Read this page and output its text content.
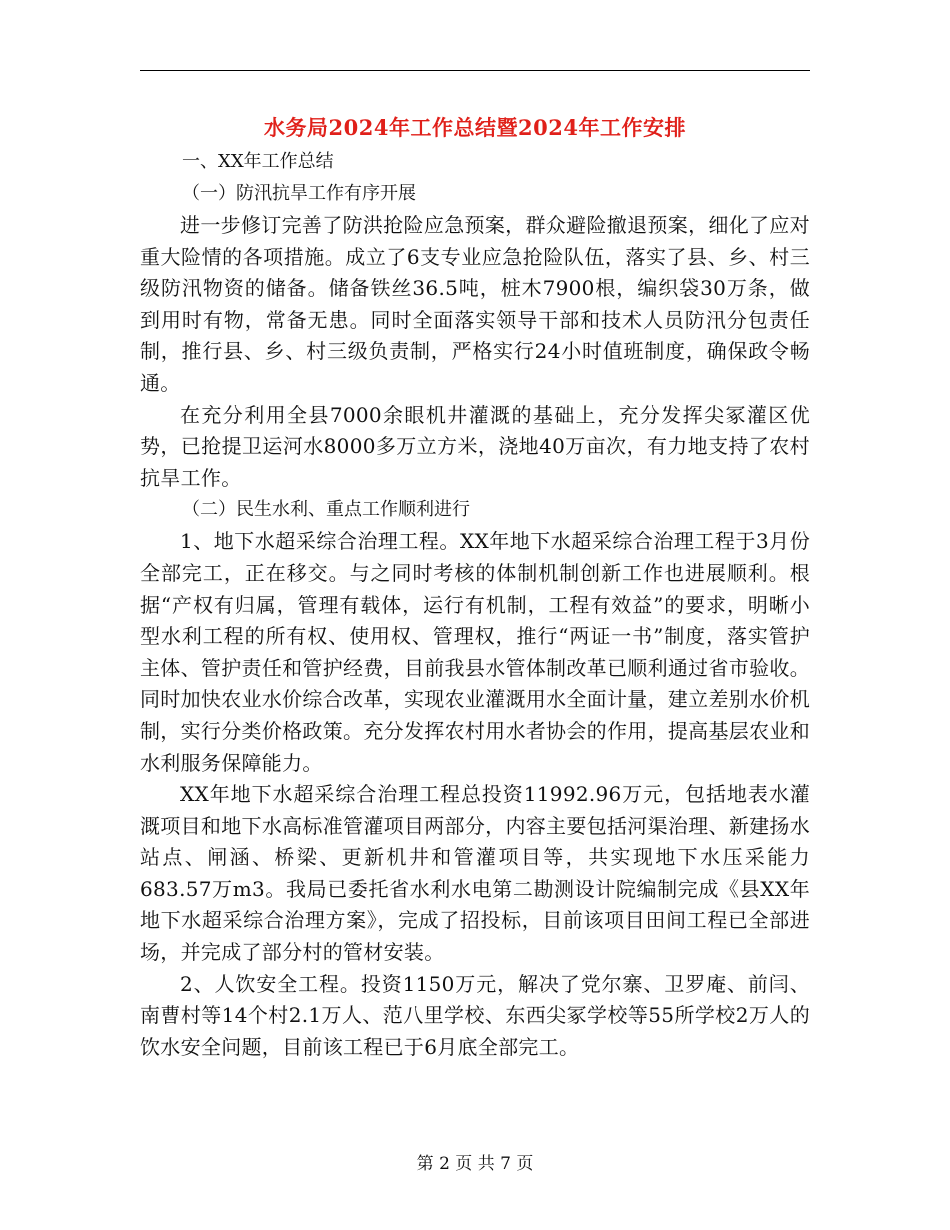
水务局2024年工作总结暨2024年工作安排

一、XX年工作总结

（一）防汛抗旱工作有序开展

进一步修订完善了防洪抢险应急预案，群众避险撤退预案，细化了应对重大险情的各项措施。成立了6支专业应急抢险队伍，落实了县、乡、村三级防汛物资的储备。储备铁丝36.5吨，桩木7900根，编织袋30万条，做到用时有物，常备无患。同时全面落实领导干部和技术人员防汛分包责任制，推行县、乡、村三级负责制，严格实行24小时值班制度，确保政令畅通。

在充分利用全县7000余眼机井灌溉的基础上，充分发挥尖冢灌区优势，已抢提卫运河水8000多万立方米，浇地40万亩次，有力地支持了农村抗旱工作。

（二）民生水利、重点工作顺利进行

1、地下水超采综合治理工程。XX年地下水超采综合治理工程于3月份全部完工，正在移交。与之同时考核的体制机制创新工作也进展顺利。根据“产权有归属，管理有载体，运行有机制，工程有效益”的要求，明晰小型水利工程的所有权、使用权、管理权，推行“两证一书”制度，落实管护主体、管护责任和管护经费，目前我县水管体制改革已顺利通过省市验收。同时加快农业水价综合改革，实现农业灌溉用水全面计量，建立差别水价机制，实行分类价格政策。充分发挥农村用水者协会的作用，提高基层农业和水利服务保障能力。

XX年地下水超采综合治理工程总投资11992.96万元，包括地表水灌溉项目和地下水高标准管灌项目两部分，内容主要包括河渠治理、新建扬水站点、闸涵、桥梁、更新机井和管灌项目等，共实现地下水压采能力683.57万m3。我局已委托省水利水电第二勘测设计院编制完成《县XX年地下水超采综合治理方案》，完成了招投标，目前该项目田间工程已全部进场，并完成了部分村的管材安装。

2、人饮安全工程。投资1150万元，解决了党尔寨、卫罗庵、前闫、南曹村等14个村2.1万人、范八里学校、东西尖冢学校等55所学校2万人的饮水安全问题，目前该工程已于6月底全部完工。

第 2 页 共 7 页
